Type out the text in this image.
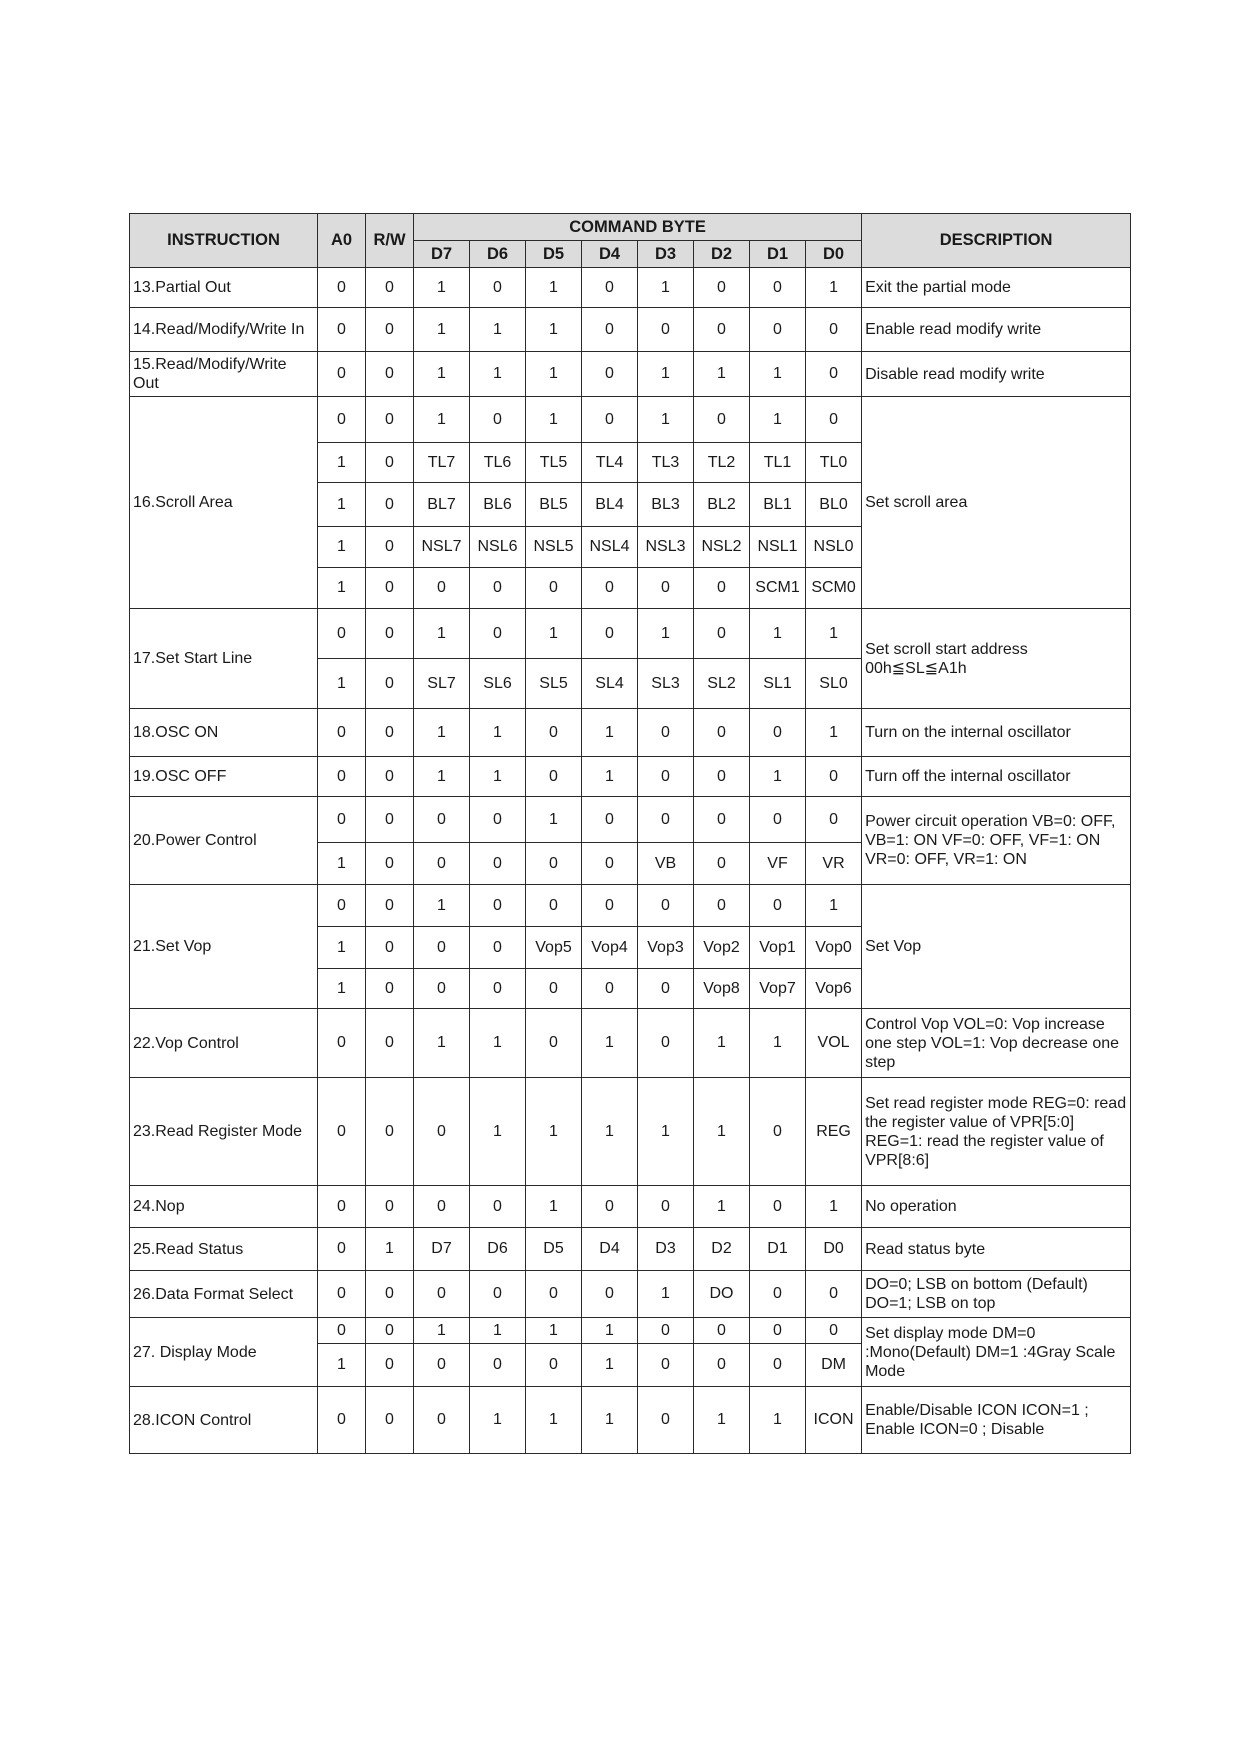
INSTRUCTION	A0	R/W	COMMAND BYTE								DESCRIPTION
			D7	D6	D5	D4	D3	D2	D1	D0	
13.Partial Out	0	0	1	0	1	0	1	0	0	1	Exit the partial mode
14.Read/Modify/Write In	0	0	1	1	1	0	0	0	0	0	Enable read modify write
15.Read/Modify/Write Out	0	0	1	1	1	0	1	1	1	0	Disable read modify write
16.Scroll Area	0	0	1	0	1	0	1	0	1	0	Set scroll area
	1	0	TL7	TL6	TL5	TL4	TL3	TL2	TL1	TL0	
	1	0	BL7	BL6	BL5	BL4	BL3	BL2	BL1	BL0	
	1	0	NSL7	NSL6	NSL5	NSL4	NSL3	NSL2	NSL1	NSL0	
	1	0	0	0	0	0	0	0	SCM1	SCM0	
17.Set Start Line	0	0	1	0	1	0	1	0	1	1	Set scroll start address 00h≦SL≦A1h
	1	0	SL7	SL6	SL5	SL4	SL3	SL2	SL1	SL0	
18.OSC ON	0	0	1	1	0	1	0	0	0	1	Turn on the internal oscillator
19.OSC OFF	0	0	1	1	0	1	0	0	1	0	Turn off the internal oscillator
20.Power Control	0	0	0	0	1	0	0	0	0	0	Power circuit operation VB=0: OFF, VB=1: ON VF=0: OFF, VF=1: ON VR=0: OFF, VR=1: ON
	1	0	0	0	0	0	VB	0	VF	VR	
21.Set Vop	0	0	1	0	0	0	0	0	0	1	Set Vop
	1	0	0	0	Vop5	Vop4	Vop3	Vop2	Vop1	Vop0	
	1	0	0	0	0	0	0	Vop8	Vop7	Vop6	
22.Vop Control	0	0	1	1	0	1	0	1	1	VOL	Control Vop VOL=0: Vop increase one step VOL=1: Vop decrease one step
23.Read Register Mode	0	0	0	1	1	1	1	1	0	REG	Set read register mode REG=0: read the register value of VPR[5:0] REG=1: read the register value of VPR[8:6]
24.Nop	0	0	0	0	1	0	0	1	0	1	No operation
25.Read Status	0	1	D7	D6	D5	D4	D3	D2	D1	D0	Read status byte
26.Data Format Select	0	0	0	0	0	0	1	DO	0	0	DO=0; LSB on bottom (Default) DO=1; LSB on top
27. Display Mode	0	0	1	1	1	1	0	0	0	0	Set display mode DM=0 :Mono(Default) DM=1 :4Gray Scale Mode
	1	0	0	0	0	1	0	0	0	DM	
28.ICON Control	0	0	0	1	1	1	0	1	1	ICON	Enable/Disable ICON ICON=1 ; Enable ICON=0 ; Disable
